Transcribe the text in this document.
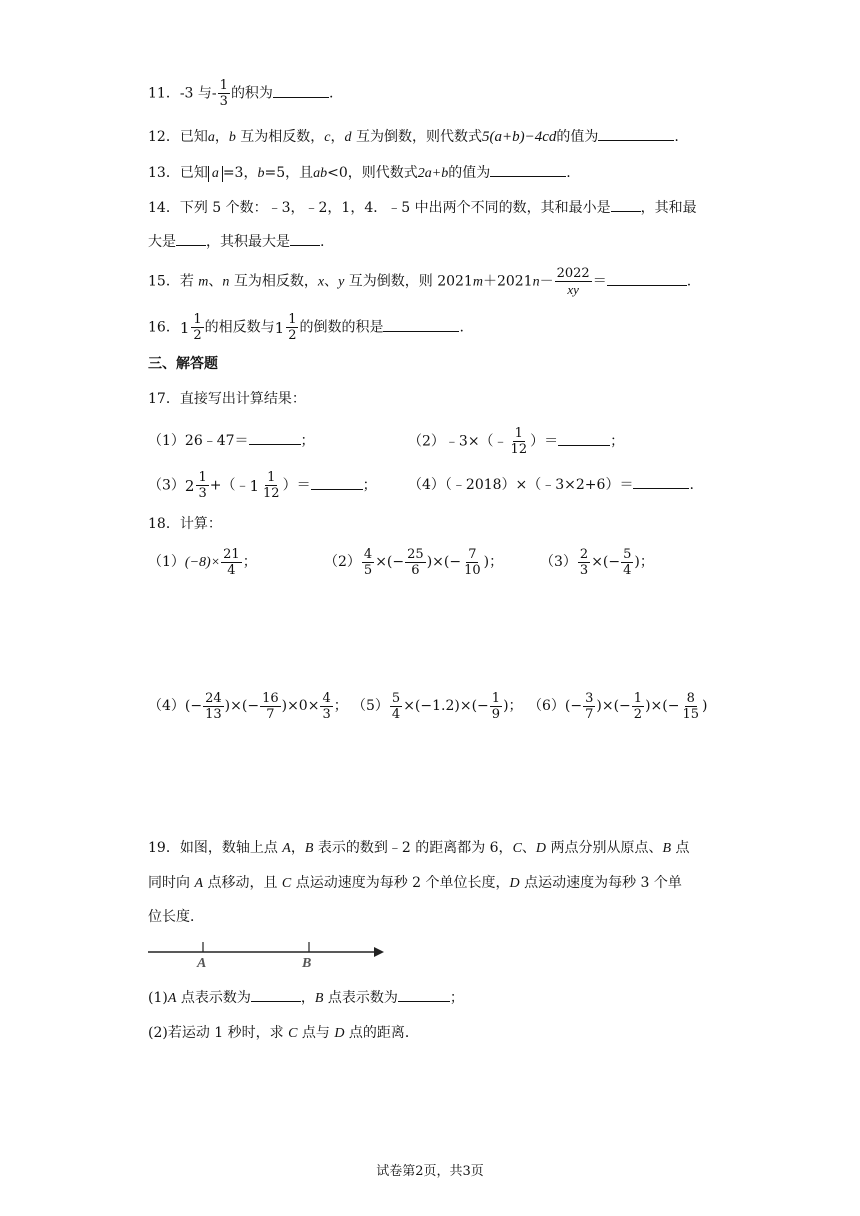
11．-3 与- $\frac{1}{3}$ 的积为	.
12．已知a，b 互为相反数，c，d 互为倒数，则代数式5(a+b)−4cd的值为	.
13．已知 a =3，b=5，且ab<0，则代数式2a+b的值为	.
14．下列 5 个数：﹣3，﹣2，1，4．﹣5 中出两个不同的数，其和最小是 ，其和最
大是 ，其积最大是 .
15．若 m、n 互为相反数，x、y 互为倒数，则 $2021m+2021n- \frac{2022}{xy}$ ＝	.
16． $1 \frac{1}{2}$ 的相反数与 $1 \frac{1}{2}$ 的倒数的积是	.
三、解答题
17．直接写出计算结果：
（1）26﹣47＝	；	（2）﹣3×（﹣ $\frac{1}{12}$ ）＝	；
（3） $2 \frac{1}{3}$ +（﹣ $1 \frac{1}{12}$ ）＝	； （4）（﹣2018）×（﹣3×2+6）＝	.
18．计算：
$(1)(-8)\times \frac{21}{4}$ ；	$(2) \frac{4}{5}$ ×(− $\frac{25}{6}$ )×(− $\frac{7}{10}$ )；	$(3) \frac{2}{3}$ ×(− $\frac{5}{4}$ )；
$(4)(- \frac{24}{13}$ )×(− $\frac{16}{7} )\times 0\times \frac{4}{3}$ ； $(5) \frac{5}{4} \times(-1.2)\times(- \frac{1}{9}$ )； $(6)(- \frac{3}{7}$ )×(− $\frac{1}{2}$ )×(− $\frac{8}{15}$ )
19．如图，数轴上点 A，B 表示的数到﹣2 的距离都为 6，C、D 两点分别从原点、B 点
同时向 A 点移动，且 C 点运动速度为每秒 2 个单位长度，D 点运动速度为每秒 3 个单
位长度．
A	B
(1)A 点表示数为	，B 点表示数为	；
(2)若运动 1 秒时，求 C 点与 D 点的距离．
试卷第2页，共3页
